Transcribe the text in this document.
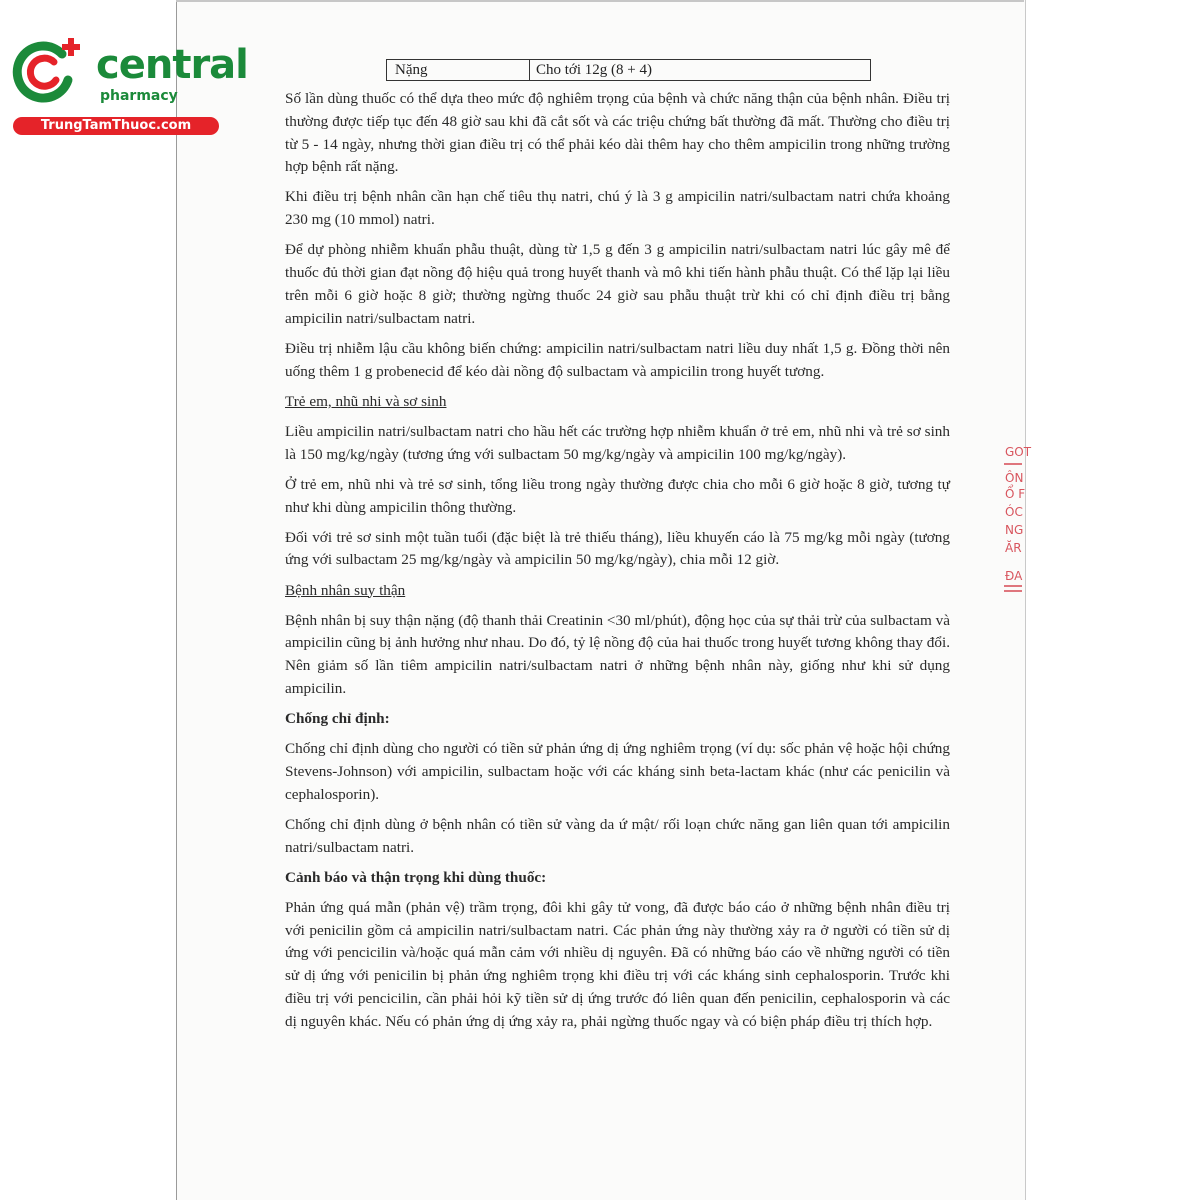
central
pharmacy
TrungTamThuoc.com
Nặng	Cho tới 12g (8 + 4)

Số lần dùng thuốc có thể dựa theo mức độ nghiêm trọng của bệnh và chức năng thận của bệnh nhân. Điều trị thường được tiếp tục đến 48 giờ sau khi đã cắt sốt và các triệu chứng bất thường đã mất. Thường cho điều trị từ 5 - 14 ngày, nhưng thời gian điều trị có thể phải kéo dài thêm hay cho thêm ampicilin trong những trường hợp bệnh rất nặng.

Khi điều trị bệnh nhân cần hạn chế tiêu thụ natri, chú ý là 3 g ampicilin natri/sulbactam natri chứa khoảng 230 mg (10 mmol) natri.

Để dự phòng nhiễm khuẩn phẫu thuật, dùng từ 1,5 g đến 3 g ampicilin natri/sulbactam natri lúc gây mê để thuốc đủ thời gian đạt nồng độ hiệu quả trong huyết thanh và mô khi tiến hành phẫu thuật. Có thể lặp lại liều trên mỗi 6 giờ hoặc 8 giờ; thường ngừng thuốc 24 giờ sau phẫu thuật trừ khi có chỉ định điều trị bằng ampicilin natri/sulbactam natri.

Điều trị nhiễm lậu cầu không biến chứng: ampicilin natri/sulbactam natri liều duy nhất 1,5 g. Đồng thời nên uống thêm 1 g probenecid để kéo dài nồng độ sulbactam và ampicilin trong huyết tương.

Trẻ em, nhũ nhi và sơ sinh

Liều ampicilin natri/sulbactam natri cho hầu hết các trường hợp nhiễm khuẩn ở trẻ em, nhũ nhi và trẻ sơ sinh là 150 mg/kg/ngày (tương ứng với sulbactam 50 mg/kg/ngày và ampicilin 100 mg/kg/ngày).

Ở trẻ em, nhũ nhi và trẻ sơ sinh, tổng liều trong ngày thường được chia cho mỗi 6 giờ hoặc 8 giờ, tương tự như khi dùng ampicilin thông thường.

Đối với trẻ sơ sinh một tuần tuổi (đặc biệt là trẻ thiếu tháng), liều khuyến cáo là 75 mg/kg mỗi ngày (tương ứng với sulbactam 25 mg/kg/ngày và ampicilin 50 mg/kg/ngày), chia mỗi 12 giờ.

Bệnh nhân suy thận

Bệnh nhân bị suy thận nặng (độ thanh thải Creatinin <30 ml/phút), động học của sự thải trừ của sulbactam và ampicilin cũng bị ảnh hưởng như nhau. Do đó, tỷ lệ nồng độ của hai thuốc trong huyết tương không thay đổi. Nên giảm số lần tiêm ampicilin natri/sulbactam natri ở những bệnh nhân này, giống như khi sử dụng ampicilin.

Chống chỉ định:

Chống chỉ định dùng cho người có tiền sử phản ứng dị ứng nghiêm trọng (ví dụ: sốc phản vệ hoặc hội chứng Stevens-Johnson) với ampicilin, sulbactam hoặc với các kháng sinh beta-lactam khác (như các penicilin và cephalosporin).

Chống chỉ định dùng ở bệnh nhân có tiền sử vàng da ứ mật/ rối loạn chức năng gan liên quan tới ampicilin natri/sulbactam natri.

Cảnh báo và thận trọng khi dùng thuốc:

Phản ứng quá mẫn (phản vệ) trầm trọng, đôi khi gây tử vong, đã được báo cáo ở những bệnh nhân điều trị với penicilin gồm cả ampicilin natri/sulbactam natri. Các phản ứng này thường xảy ra ở người có tiền sử dị ứng với pencicilin và/hoặc quá mẫn cảm với nhiều dị nguyên. Đã có những báo cáo về những người có tiền sử dị ứng với penicilin bị phản ứng nghiêm trọng khi điều trị với các kháng sinh cephalosporin. Trước khi điều trị với pencicilin, cần phải hỏi kỹ tiền sử dị ứng trước đó liên quan đến penicilin, cephalosporin và các dị nguyên khác. Nếu có phản ứng dị ứng xảy ra, phải ngừng thuốc ngay và có biện pháp điều trị thích hợp.

GOT
ÔN
Ổ F
ÓC
NG
ĂR
ĐA
